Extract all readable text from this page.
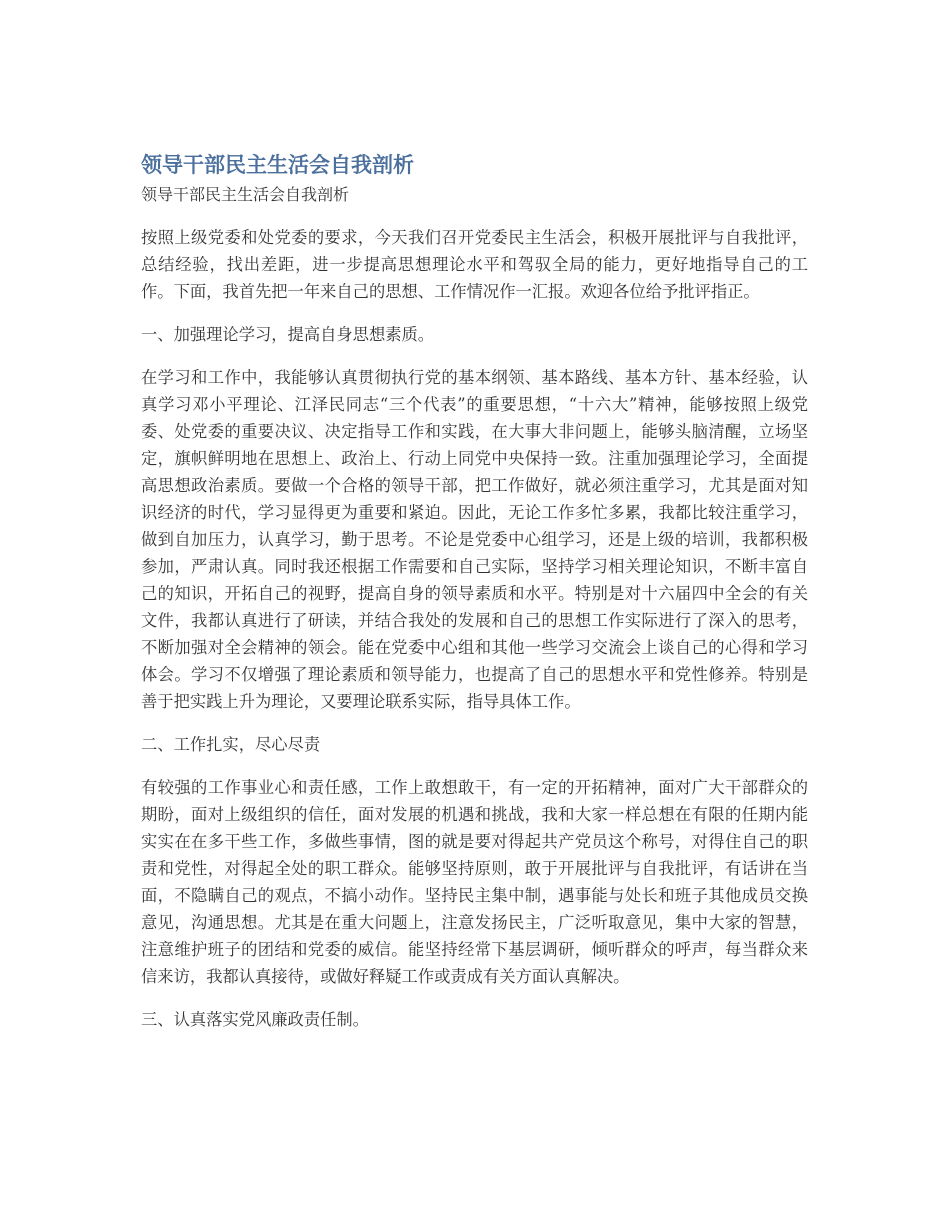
领导干部民主生活会自我剖析
领导干部民主生活会自我剖析

按照上级党委和处党委的要求，今天我们召开党委民主生活会，积极开展批评与自我批评，总结经验，找出差距，进一步提高思想理论水平和驾驭全局的能力，更好地指导自己的工作。下面，我首先把一年来自己的思想、工作情况作一汇报。欢迎各位给予批评指正。

一、加强理论学习，提高自身思想素质。

在学习和工作中，我能够认真贯彻执行党的基本纲领、基本路线、基本方针、基本经验，认真学习邓小平理论、江泽民同志“三个代表”的重要思想，“十六大”精神，能够按照上级党委、处党委的重要决议、决定指导工作和实践，在大事大非问题上，能够头脑清醒，立场坚定，旗帜鲜明地在思想上、政治上、行动上同党中央保持一致。注重加强理论学习，全面提高思想政治素质。要做一个合格的领导干部，把工作做好，就必须注重学习，尤其是面对知识经济的时代，学习显得更为重要和紧迫。因此，无论工作多忙多累，我都比较注重学习，做到自加压力，认真学习，勤于思考。不论是党委中心组学习，还是上级的培训，我都积极参加，严肃认真。同时我还根据工作需要和自己实际，坚持学习相关理论知识，不断丰富自己的知识，开拓自己的视野，提高自身的领导素质和水平。特别是对十六届四中全会的有关文件，我都认真进行了研读，并结合我处的发展和自己的思想工作实际进行了深入的思考，不断加强对全会精神的领会。能在党委中心组和其他一些学习交流会上谈自己的心得和学习体会。学习不仅增强了理论素质和领导能力，也提高了自己的思想水平和党性修养。特别是善于把实践上升为理论，又要理论联系实际，指导具体工作。

二、工作扎实，尽心尽责

有较强的工作事业心和责任感，工作上敢想敢干，有一定的开拓精神，面对广大干部群众的期盼，面对上级组织的信任，面对发展的机遇和挑战，我和大家一样总想在有限的任期内能实实在在多干些工作，多做些事情，图的就是要对得起共产党员这个称号，对得住自己的职责和党性，对得起全处的职工群众。能够坚持原则，敢于开展批评与自我批评，有话讲在当面，不隐瞒自己的观点，不搞小动作。坚持民主集中制，遇事能与处长和班子其他成员交换意见，沟通思想。尤其是在重大问题上，注意发扬民主，广泛听取意见，集中大家的智慧，注意维护班子的团结和党委的威信。能坚持经常下基层调研，倾听群众的呼声，每当群众来信来访，我都认真接待，或做好释疑工作或责成有关方面认真解决。

三、认真落实党风廉政责任制。
